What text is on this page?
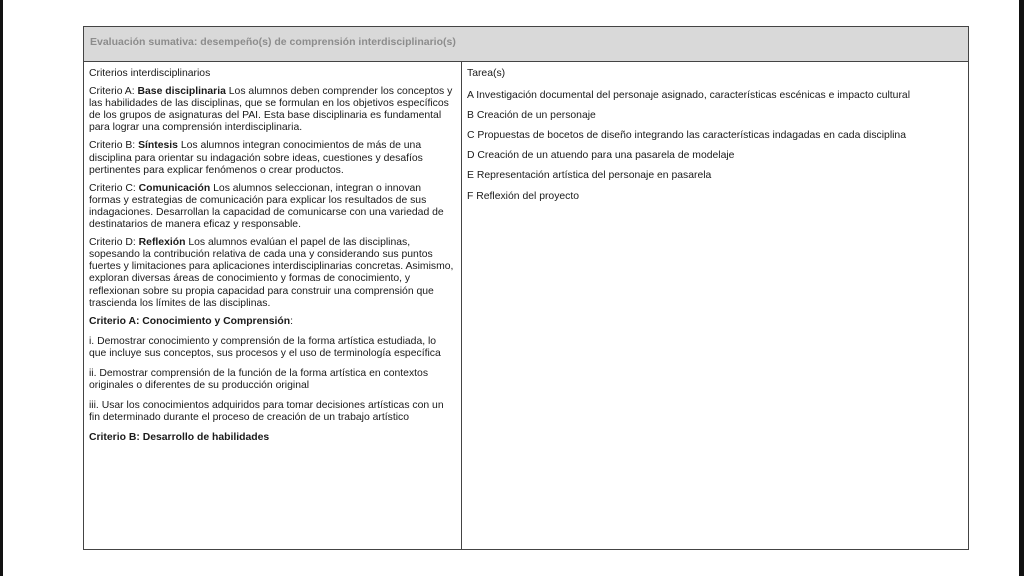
Evaluación sumativa: desempeño(s) de comprensión interdisciplinario(s)

Criterios interdisciplinarios

Criterio A: Base disciplinaria Los alumnos deben comprender los conceptos y las habilidades de las disciplinas, que se formulan en los objetivos específicos de los grupos de asignaturas del PAI. Esta base disciplinaria es fundamental para lograr una comprensión interdisciplinaria.

Criterio B: Síntesis Los alumnos integran conocimientos de más de una disciplina para orientar su indagación sobre ideas, cuestiones y desafíos pertinentes para explicar fenómenos o crear productos.

Criterio C: Comunicación Los alumnos seleccionan, integran o innovan formas y estrategias de comunicación para explicar los resultados de sus indagaciones. Desarrollan la capacidad de comunicarse con una variedad de destinatarios de manera eficaz y responsable.

Criterio D: Reflexión Los alumnos evalúan el papel de las disciplinas, sopesando la contribución relativa de cada una y considerando sus puntos fuertes y limitaciones para aplicaciones interdisciplinarias concretas. Asimismo, exploran diversas áreas de conocimiento y formas de conocimiento, y reflexionan sobre su propia capacidad para construir una comprensión que trascienda los límites de las disciplinas.

Criterio A: Conocimiento y Comprensión:

i. Demostrar conocimiento y comprensión de la forma artística estudiada, lo que incluye sus conceptos, sus procesos y el uso de terminología específica

ii. Demostrar comprensión de la función de la forma artística en contextos originales o diferentes de su producción original

iii. Usar los conocimientos adquiridos para tomar decisiones artísticas con un fin determinado durante el proceso de creación de un trabajo artístico

Criterio B: Desarrollo de habilidades

Tarea(s)

A Investigación documental del personaje asignado, características escénicas e impacto cultural

B Creación de un personaje

C Propuestas de bocetos de diseño integrando las características indagadas en cada disciplina

D Creación de un atuendo para una pasarela de modelaje

E Representación artística del personaje en pasarela

F Reflexión del proyecto
